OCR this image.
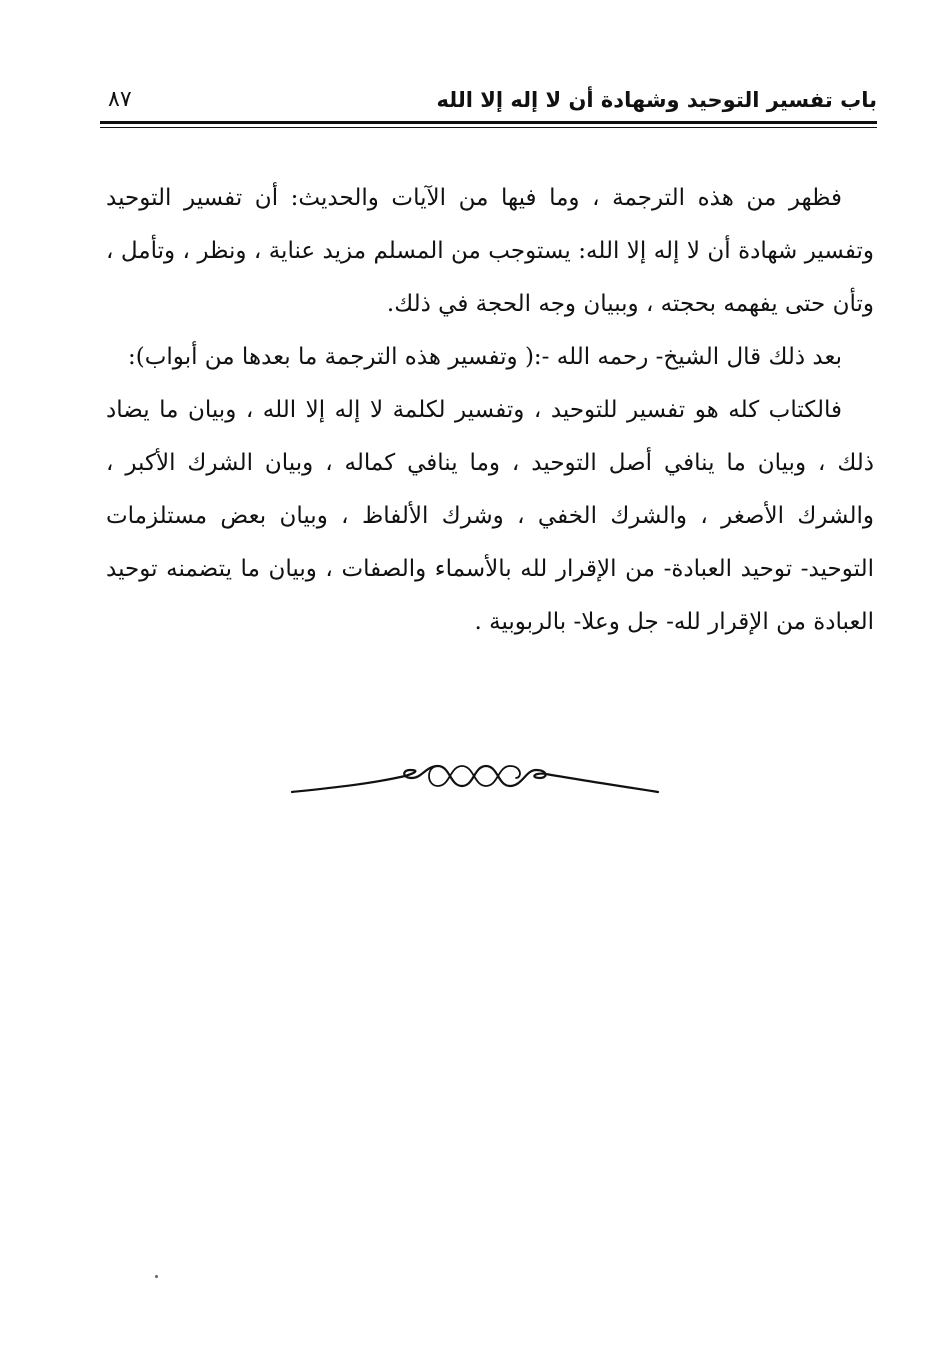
باب تفسير التوحيد وشهادة أن لا إله إلا الله
٨٧

فظهر من هذه الترجمة ، وما فيها من الآيات والحديث: أن تفسير التوحيد وتفسير شهادة أن لا إله إلا الله: يستوجب من المسلم مزيد عناية ، ونظر ، وتأمل ، وتأن حتى يفهمه بحجته ، وببيان وجه الحجة في ذلك.

بعد ذلك قال الشيخ- رحمه الله -:( وتفسير هذه الترجمة ما بعدها من أبواب):

فالكتاب كله هو تفسير للتوحيد ، وتفسير لكلمة لا إله إلا الله ، وبيان ما يضاد ذلك ، وبيان ما ينافي أصل التوحيد ، وما ينافي كماله ، وبيان الشرك الأكبر ، والشرك الأصغر ، والشرك الخفي ، وشرك الألفاظ ، وبيان بعض مستلزمات التوحيد- توحيد العبادة- من الإقرار لله بالأسماء والصفات ، وبيان ما يتضمنه توحيد العبادة من الإقرار لله- جل وعلا- بالربوبية .
